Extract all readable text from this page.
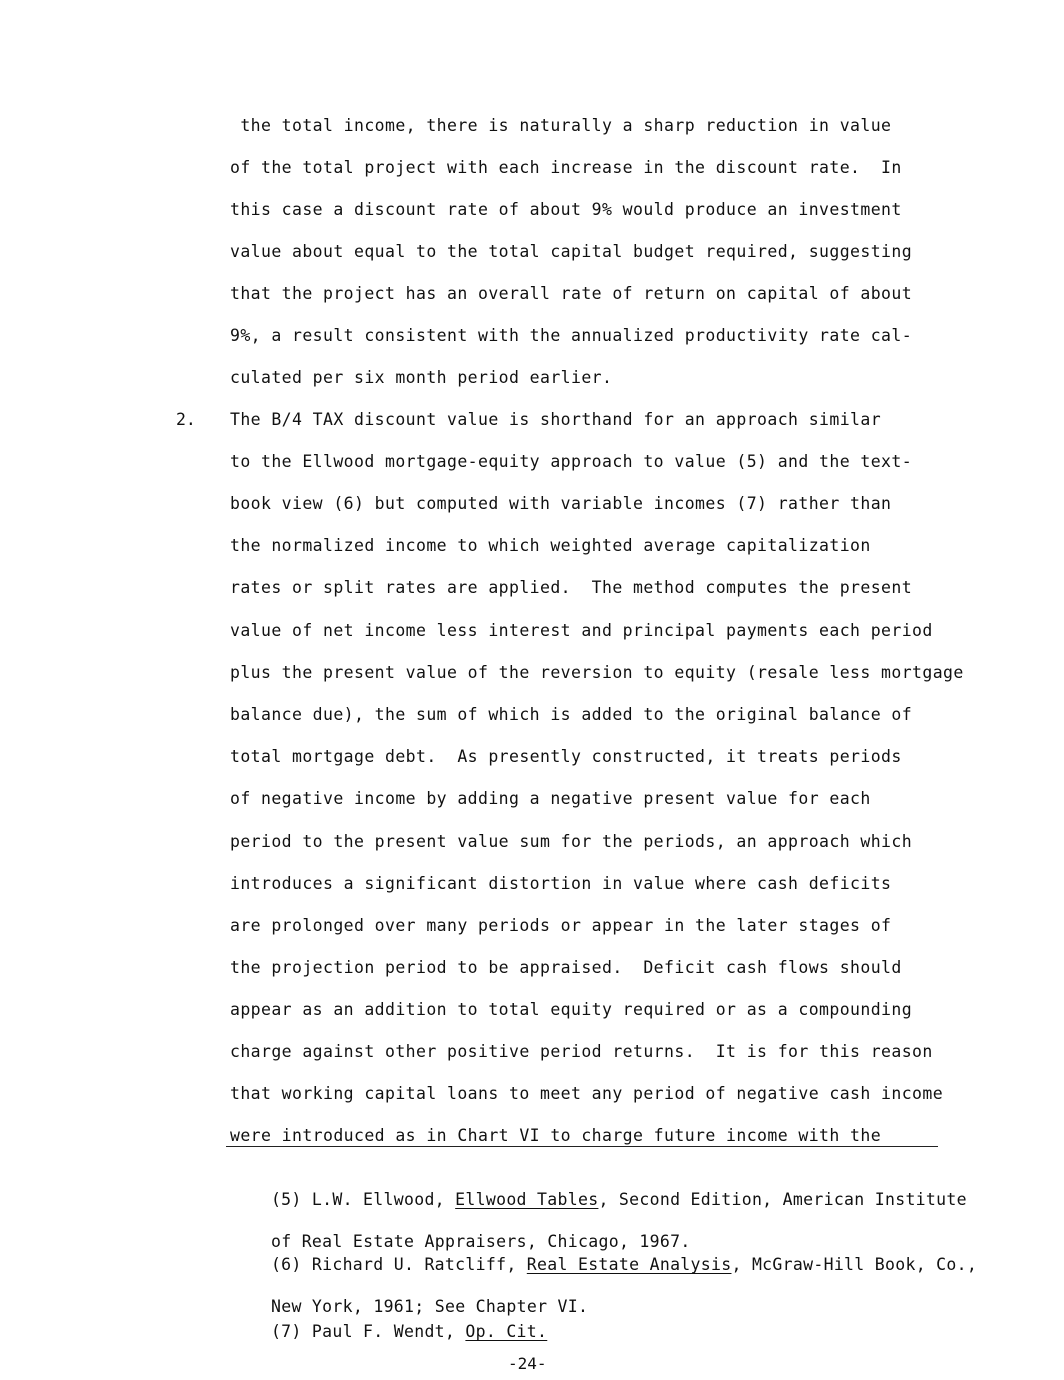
the total income, there is naturally a sharp reduction in value
of the total project with each increase in the discount rate.  In
this case a discount rate of about 9% would produce an investment
value about equal to the total capital budget required, suggesting
that the project has an overall rate of return on capital of about
9%, a result consistent with the annualized productivity rate cal-
culated per six month period earlier.
2. The B/4 TAX discount value is shorthand for an approach similar
to the Ellwood mortgage-equity approach to value (5) and the text-
book view (6) but computed with variable incomes (7) rather than
the normalized income to which weighted average capitalization
rates or split rates are applied.  The method computes the present
value of net income less interest and principal payments each period
plus the present value of the reversion to equity (resale less mortgage
balance due), the sum of which is added to the original balance of
total mortgage debt.  As presently constructed, it treats periods
of negative income by adding a negative present value for each
period to the present value sum for the periods, an approach which
introduces a significant distortion in value where cash deficits
are prolonged over many periods or appear in the later stages of
the projection period to be appraised.  Deficit cash flows should
appear as an addition to total equity required or as a compounding
charge against other positive period returns.  It is for this reason
that working capital loans to meet any period of negative cash income
were introduced as in Chart VI to charge future income with the

(5) L.W. Ellwood, Ellwood Tables, Second Edition, American Institute

of Real Estate Appraisers, Chicago, 1967.

(6) Richard U. Ratcliff, Real Estate Analysis, McGraw-Hill Book, Co.,

New York, 1961; See Chapter VI.

(7) Paul F. Wendt, Op. Cit.

-24-
